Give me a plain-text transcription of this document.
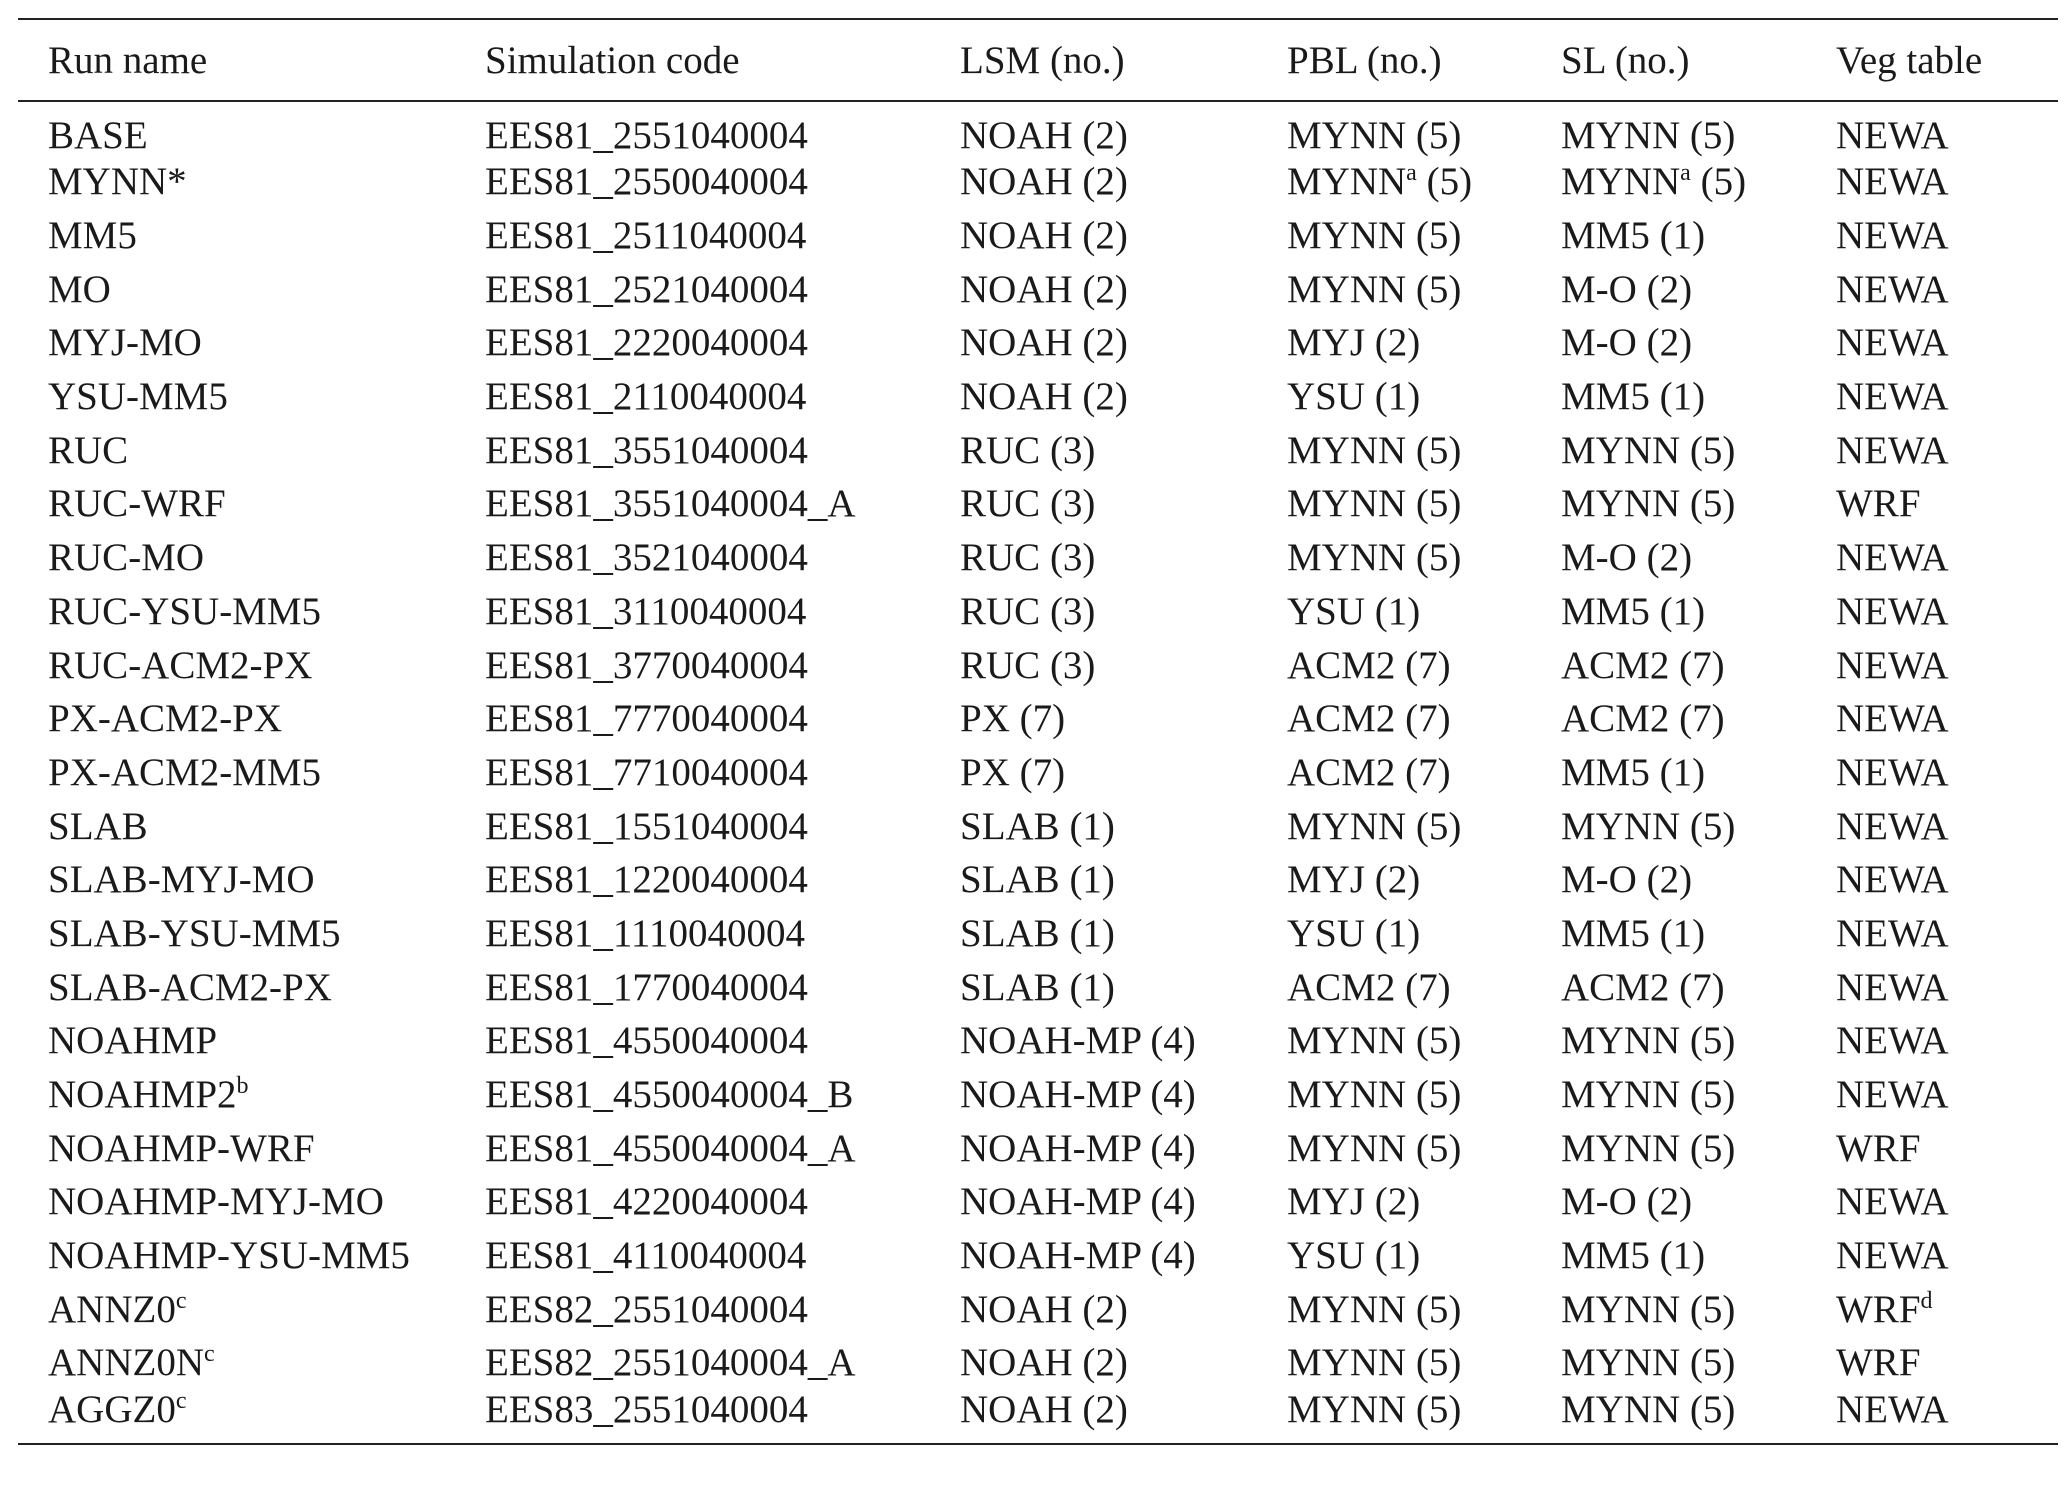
Run name	Simulation code	LSM (no.)	PBL (no.)	SL (no.)	Veg table
BASE	EES81_2551040004	NOAH (2)	MYNN (5)	MYNN (5)	NEWA
MYNN*	EES81_2550040004	NOAH (2)	MYNN$^a$ (5)	MYNN$^a$ (5)	NEWA
MM5	EES81_2511040004	NOAH (2)	MYNN (5)	MM5 (1)	NEWA
MO	EES81_2521040004	NOAH (2)	MYNN (5)	M-O (2)	NEWA
MYJ-MO	EES81_2220040004	NOAH (2)	MYJ (2)	M-O (2)	NEWA
YSU-MM5	EES81_2110040004	NOAH (2)	YSU (1)	MM5 (1)	NEWA
RUC	EES81_3551040004	RUC (3)	MYNN (5)	MYNN (5)	NEWA
RUC-WRF	EES81_3551040004_A	RUC (3)	MYNN (5)	MYNN (5)	WRF
RUC-MO	EES81_3521040004	RUC (3)	MYNN (5)	M-O (2)	NEWA
RUC-YSU-MM5	EES81_3110040004	RUC (3)	YSU (1)	MM5 (1)	NEWA
RUC-ACM2-PX	EES81_3770040004	RUC (3)	ACM2 (7)	ACM2 (7)	NEWA
PX-ACM2-PX	EES81_7770040004	PX (7)	ACM2 (7)	ACM2 (7)	NEWA
PX-ACM2-MM5	EES81_7710040004	PX (7)	ACM2 (7)	MM5 (1)	NEWA
SLAB	EES81_1551040004	SLAB (1)	MYNN (5)	MYNN (5)	NEWA
SLAB-MYJ-MO	EES81_1220040004	SLAB (1)	MYJ (2)	M-O (2)	NEWA
SLAB-YSU-MM5	EES81_1110040004	SLAB (1)	YSU (1)	MM5 (1)	NEWA
SLAB-ACM2-PX	EES81_1770040004	SLAB (1)	ACM2 (7)	ACM2 (7)	NEWA
NOAHMP	EES81_4550040004	NOAH-MP (4)	MYNN (5)	MYNN (5)	NEWA
NOAHMP2$^b$	EES81_4550040004_B	NOAH-MP (4)	MYNN (5)	MYNN (5)	NEWA
NOAHMP-WRF	EES81_4550040004_A	NOAH-MP (4)	MYNN (5)	MYNN (5)	WRF
NOAHMP-MYJ-MO	EES81_4220040004	NOAH-MP (4)	MYJ (2)	M-O (2)	NEWA
NOAHMP-YSU-MM5	EES81_4110040004	NOAH-MP (4)	YSU (1)	MM5 (1)	NEWA
ANNZ0$^c$	EES82_2551040004	NOAH (2)	MYNN (5)	MYNN (5)	WRF$^d$
$ANNZ0N^c$	EES82_2551040004_A	NOAH (2)	MYNN (5)	MYNN (5)	WRF
AGGZ0$^c$	EES83_2551040004	NOAH (2)	MYNN (5)	MYNN (5)	NEWA
